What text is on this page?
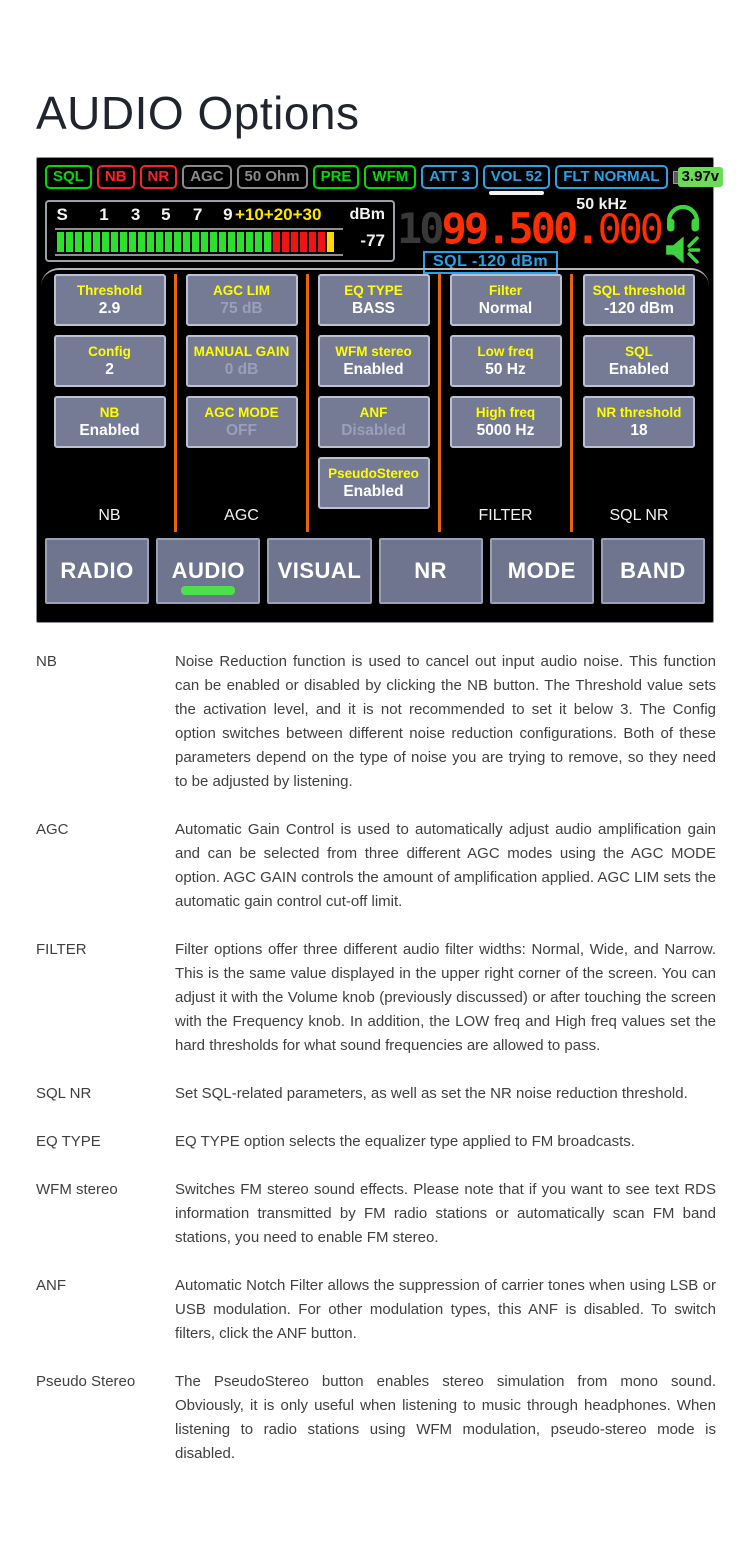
AUDIO Options
SQL	NB	NR	AGC	50 Ohm	PRE	WFM	ATT 3	VOL 52	FLT NORMAL	3.97v
S 1 3 5 7 9 +10 +20 +30	dBm
-77
50 kHz
1099.500.000
SQL -120 dBm
Threshold
2.9
Config
2
NB
Enabled
NB
AGC LIM
75 dB
MANUAL GAIN
0 dB
AGC MODE
OFF
AGC
EQ TYPE
BASS
WFM stereo
Enabled
ANF
Disabled
PseudoStereo
Enabled
Filter
Normal
Low freq
50 Hz
High freq
5000 Hz
FILTER
SQL threshold
-120 dBm
SQL
Enabled
NR threshold
18
SQL NR
RADIO	AUDIO	VISUAL	NR	MODE	BAND
NB	Noise Reduction function is used to cancel out input audio noise. This function can be enabled or disabled by clicking the NB button. The Threshold value sets the activation level, and it is not recommended to set it below 3. The Config option switches between different noise reduction configurations. Both of these parameters depend on the type of noise you are trying to remove, so they need to be adjusted by listening.
AGC	Automatic Gain Control is used to automatically adjust audio amplification gain and can be selected from three different AGC modes using the AGC MODE option. AGC GAIN controls the amount of amplification applied. AGC LIM sets the automatic gain control cut-off limit.
FILTER	Filter options offer three different audio filter widths: Normal, Wide, and Narrow. This is the same value displayed in the upper right corner of the screen. You can adjust it with the Volume knob (previously discussed) or after touching the screen with the Frequency knob. In addition, the LOW freq and High freq values set the hard thresholds for what sound frequencies are allowed to pass.
SQL NR	Set SQL-related parameters, as well as set the NR noise reduction threshold.
EQ TYPE	EQ TYPE option selects the equalizer type applied to FM broadcasts.
WFM stereo	Switches FM stereo sound effects. Please note that if you want to see text RDS information transmitted by FM radio stations or automatically scan FM band stations, you need to enable FM stereo.
ANF	Automatic Notch Filter allows the suppression of carrier tones when using LSB or USB modulation. For other modulation types, this ANF is disabled. To switch filters, click the ANF button.
Pseudo Stereo	The PseudoStereo button enables stereo simulation from mono sound. Obviously, it is only useful when listening to music through headphones. When listening to radio stations using WFM modulation, pseudo-stereo mode is disabled.
